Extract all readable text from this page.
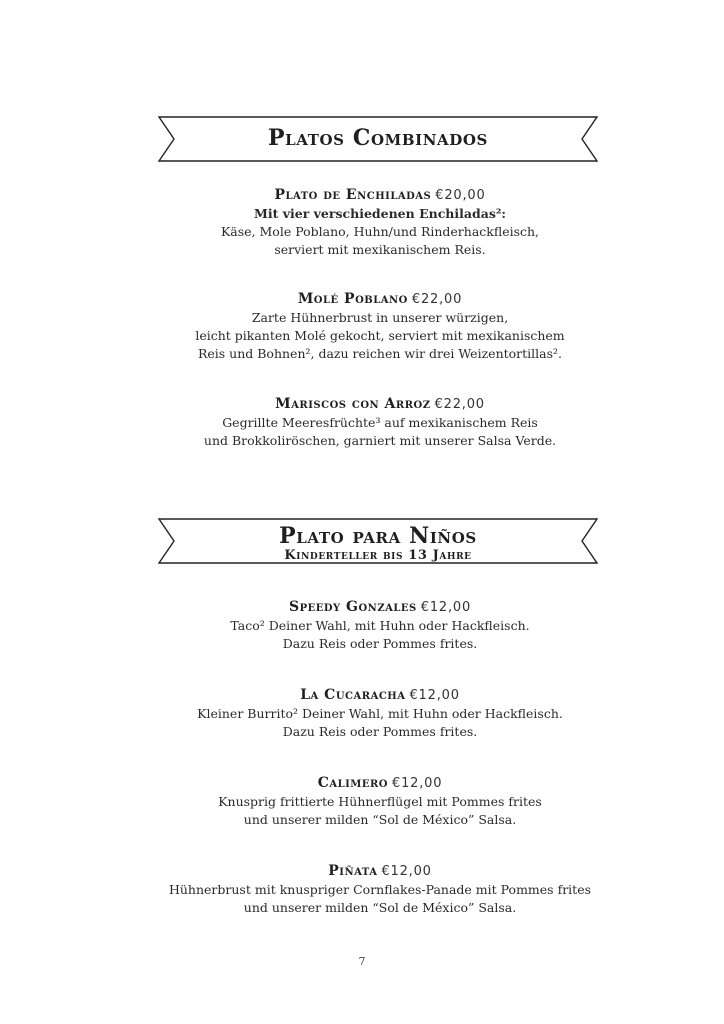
Platos Combinados
Plato de Enchiladas €20,00
Mit vier verschiedenen Enchiladas²:
Käse, Mole Poblano, Huhn/und Rinderhackfleisch,
serviert mit mexikanischem Reis.
Molé Poblano €22,00
Zarte Hühnerbrust in unserer würzigen,
leicht pikanten Molé gekocht, serviert mit mexikanischem
Reis und Bohnen², dazu reichen wir drei Weizentortillas².
Mariscos con Arroz €22,00
Gegrillte Meeresfrüchte³ auf mexikanischem Reis
und Brokkoliröschen, garniert mit unserer Salsa Verde.
Plato para Niños
Kinderteller bis 13 Jahre
Speedy Gonzales €12,00
Taco² Deiner Wahl, mit Huhn oder Hackfleisch.
Dazu Reis oder Pommes frites.
La Cucaracha €12,00
Kleiner Burrito² Deiner Wahl, mit Huhn oder Hackfleisch.
Dazu Reis oder Pommes frites.
Calimero €12,00
Knusprig frittierte Hühnerflügel mit Pommes frites
und unserer milden “Sol de México” Salsa.
Piñata €12,00
Hühnerbrust mit knuspriger Cornflakes-Panade mit Pommes frites
und unserer milden “Sol de México” Salsa.
7
